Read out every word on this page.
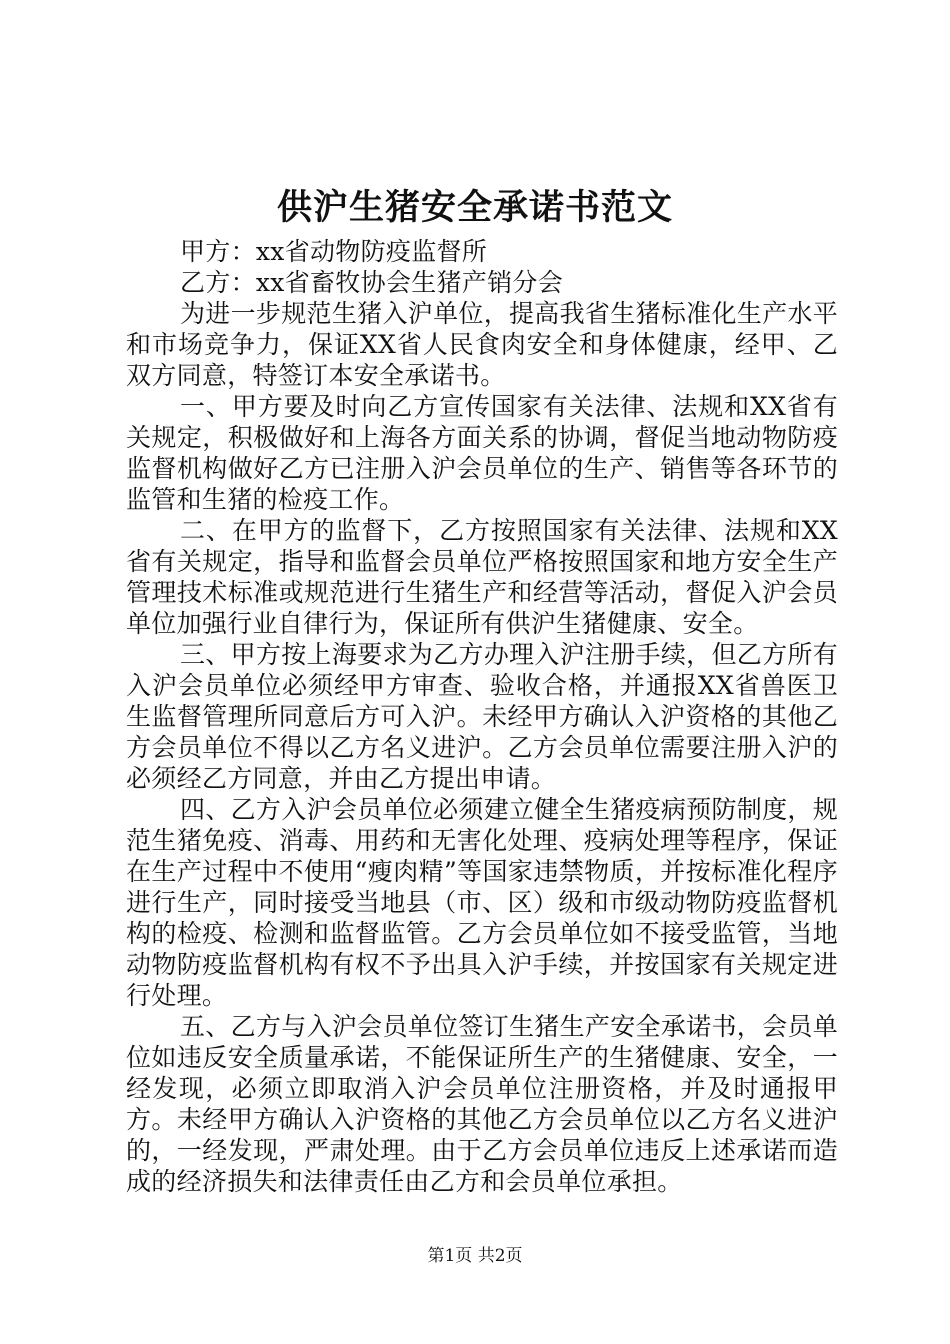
供沪生猪安全承诺书范文

甲方：xx省动物防疫监督所

乙方：xx省畜牧协会生猪产销分会

为进一步规范生猪入沪单位，提高我省生猪标准化生产水平和市场竞争力，保证XX省人民食肉安全和身体健康，经甲、乙双方同意，特签订本安全承诺书。

一、甲方要及时向乙方宣传国家有关法律、法规和XX省有关规定，积极做好和上海各方面关系的协调，督促当地动物防疫监督机构做好乙方已注册入沪会员单位的生产、销售等各环节的监管和生猪的检疫工作。

二、在甲方的监督下，乙方按照国家有关法律、法规和XX省有关规定，指导和监督会员单位严格按照国家和地方安全生产管理技术标准或规范进行生猪生产和经营等活动，督促入沪会员单位加强行业自律行为，保证所有供沪生猪健康、安全。

三、甲方按上海要求为乙方办理入沪注册手续，但乙方所有入沪会员单位必须经甲方审查、验收合格，并通报XX省兽医卫生监督管理所同意后方可入沪。未经甲方确认入沪资格的其他乙方会员单位不得以乙方名义进沪。乙方会员单位需要注册入沪的必须经乙方同意，并由乙方提出申请。

四、乙方入沪会员单位必须建立健全生猪疫病预防制度，规范生猪免疫、消毒、用药和无害化处理、疫病处理等程序，保证在生产过程中不使用“瘦肉精”等国家违禁物质，并按标准化程序进行生产，同时接受当地县（市、区）级和市级动物防疫监督机构的检疫、检测和监督监管。乙方会员单位如不接受监管，当地动物防疫监督机构有权不予出具入沪手续，并按国家有关规定进行处理。

五、乙方与入沪会员单位签订生猪生产安全承诺书，会员单位如违反安全质量承诺，不能保证所生产的生猪健康、安全，一经发现，必须立即取消入沪会员单位注册资格，并及时通报甲方。未经甲方确认入沪资格的其他乙方会员单位以乙方名义进沪的，一经发现，严肃处理。由于乙方会员单位违反上述承诺而造成的经济损失和法律责任由乙方和会员单位承担。

第1页 共2页
